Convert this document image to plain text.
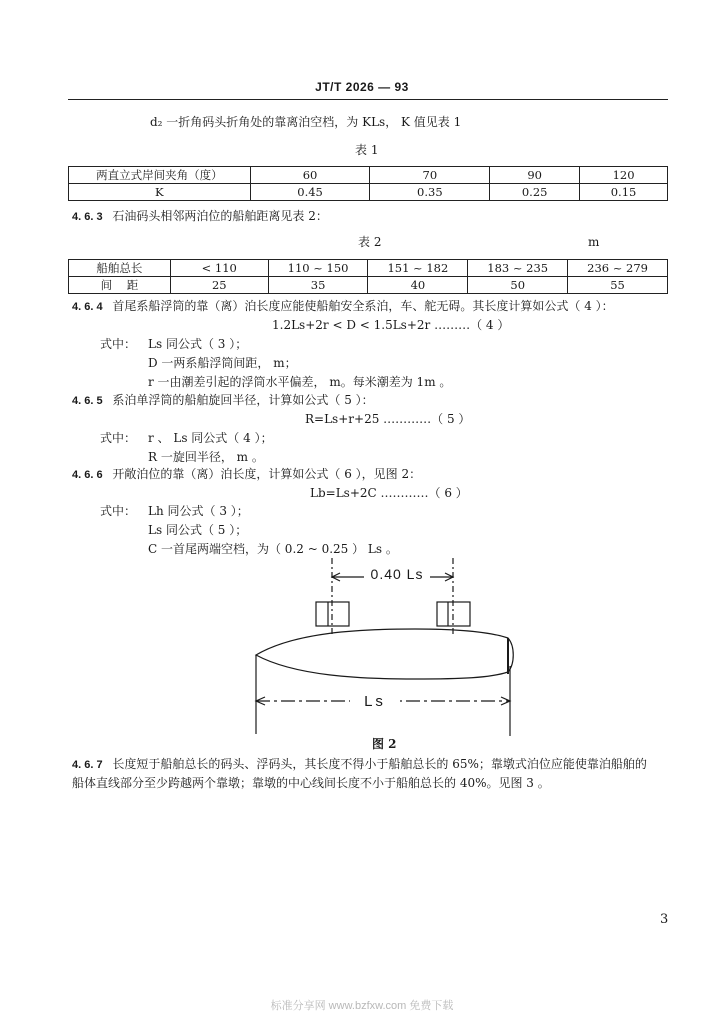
JT/T 2026 — 93
d₂ 一折角码头折角处的靠离泊空档，为 KLs， K 值见表 1
表 1
两直立式岸间夹角（度）	60	70	90	120
K	0.45	0.35	0.25	0.15
4. 6. 3 石油码头相邻两泊位的船舶距离见表 2：
表 2	m
船舶总长	< 110	110 ~ 150	151 ~ 182	183 ~ 235	236 ~ 279
间    距	25	35	40	50	55
4. 6. 4 首尾系船浮筒的靠（离）泊长度应能使船舶安全系泊，车、舵无碍。其长度计算如公式（ 4 ）：
1.2Ls+2r < D < 1.5Ls+2r ………（ 4 ）
式中： Ls 同公式（ 3 ）；
D 一两系船浮筒间距， m；
r 一由潮差引起的浮筒水平偏差， m。每米潮差为 1m 。
4. 6. 5 系泊单浮筒的船舶旋回半径，计算如公式（ 5 ）：
R=Ls+r+25 …………（ 5 ）
式中： r 、 Ls 同公式（ 4 ）；
R 一旋回半径， m 。
4. 6. 6 开敞泊位的靠（离）泊长度，计算如公式（ 6 ），见图 2：
Lb=Ls+2C …………（ 6 ）
式中： Lh 同公式（ 3 ）；
Ls 同公式（ 5 ）；
C 一首尾两端空档，为（ 0.2 ~ 0.25 ） Ls 。
Ls
0.40 Ls
图 2
4. 6. 7 长度短于船舶总长的码头、浮码头，其长度不得小于船舶总长的 65%；靠墩式泊位应能使靠泊船舶的
船体直线部分至少跨越两个靠墩；靠墩的中心线间长度不小于船舶总长的 40%。见图 3 。
3
标准分享网 www.bzfxw.com 免费下载
